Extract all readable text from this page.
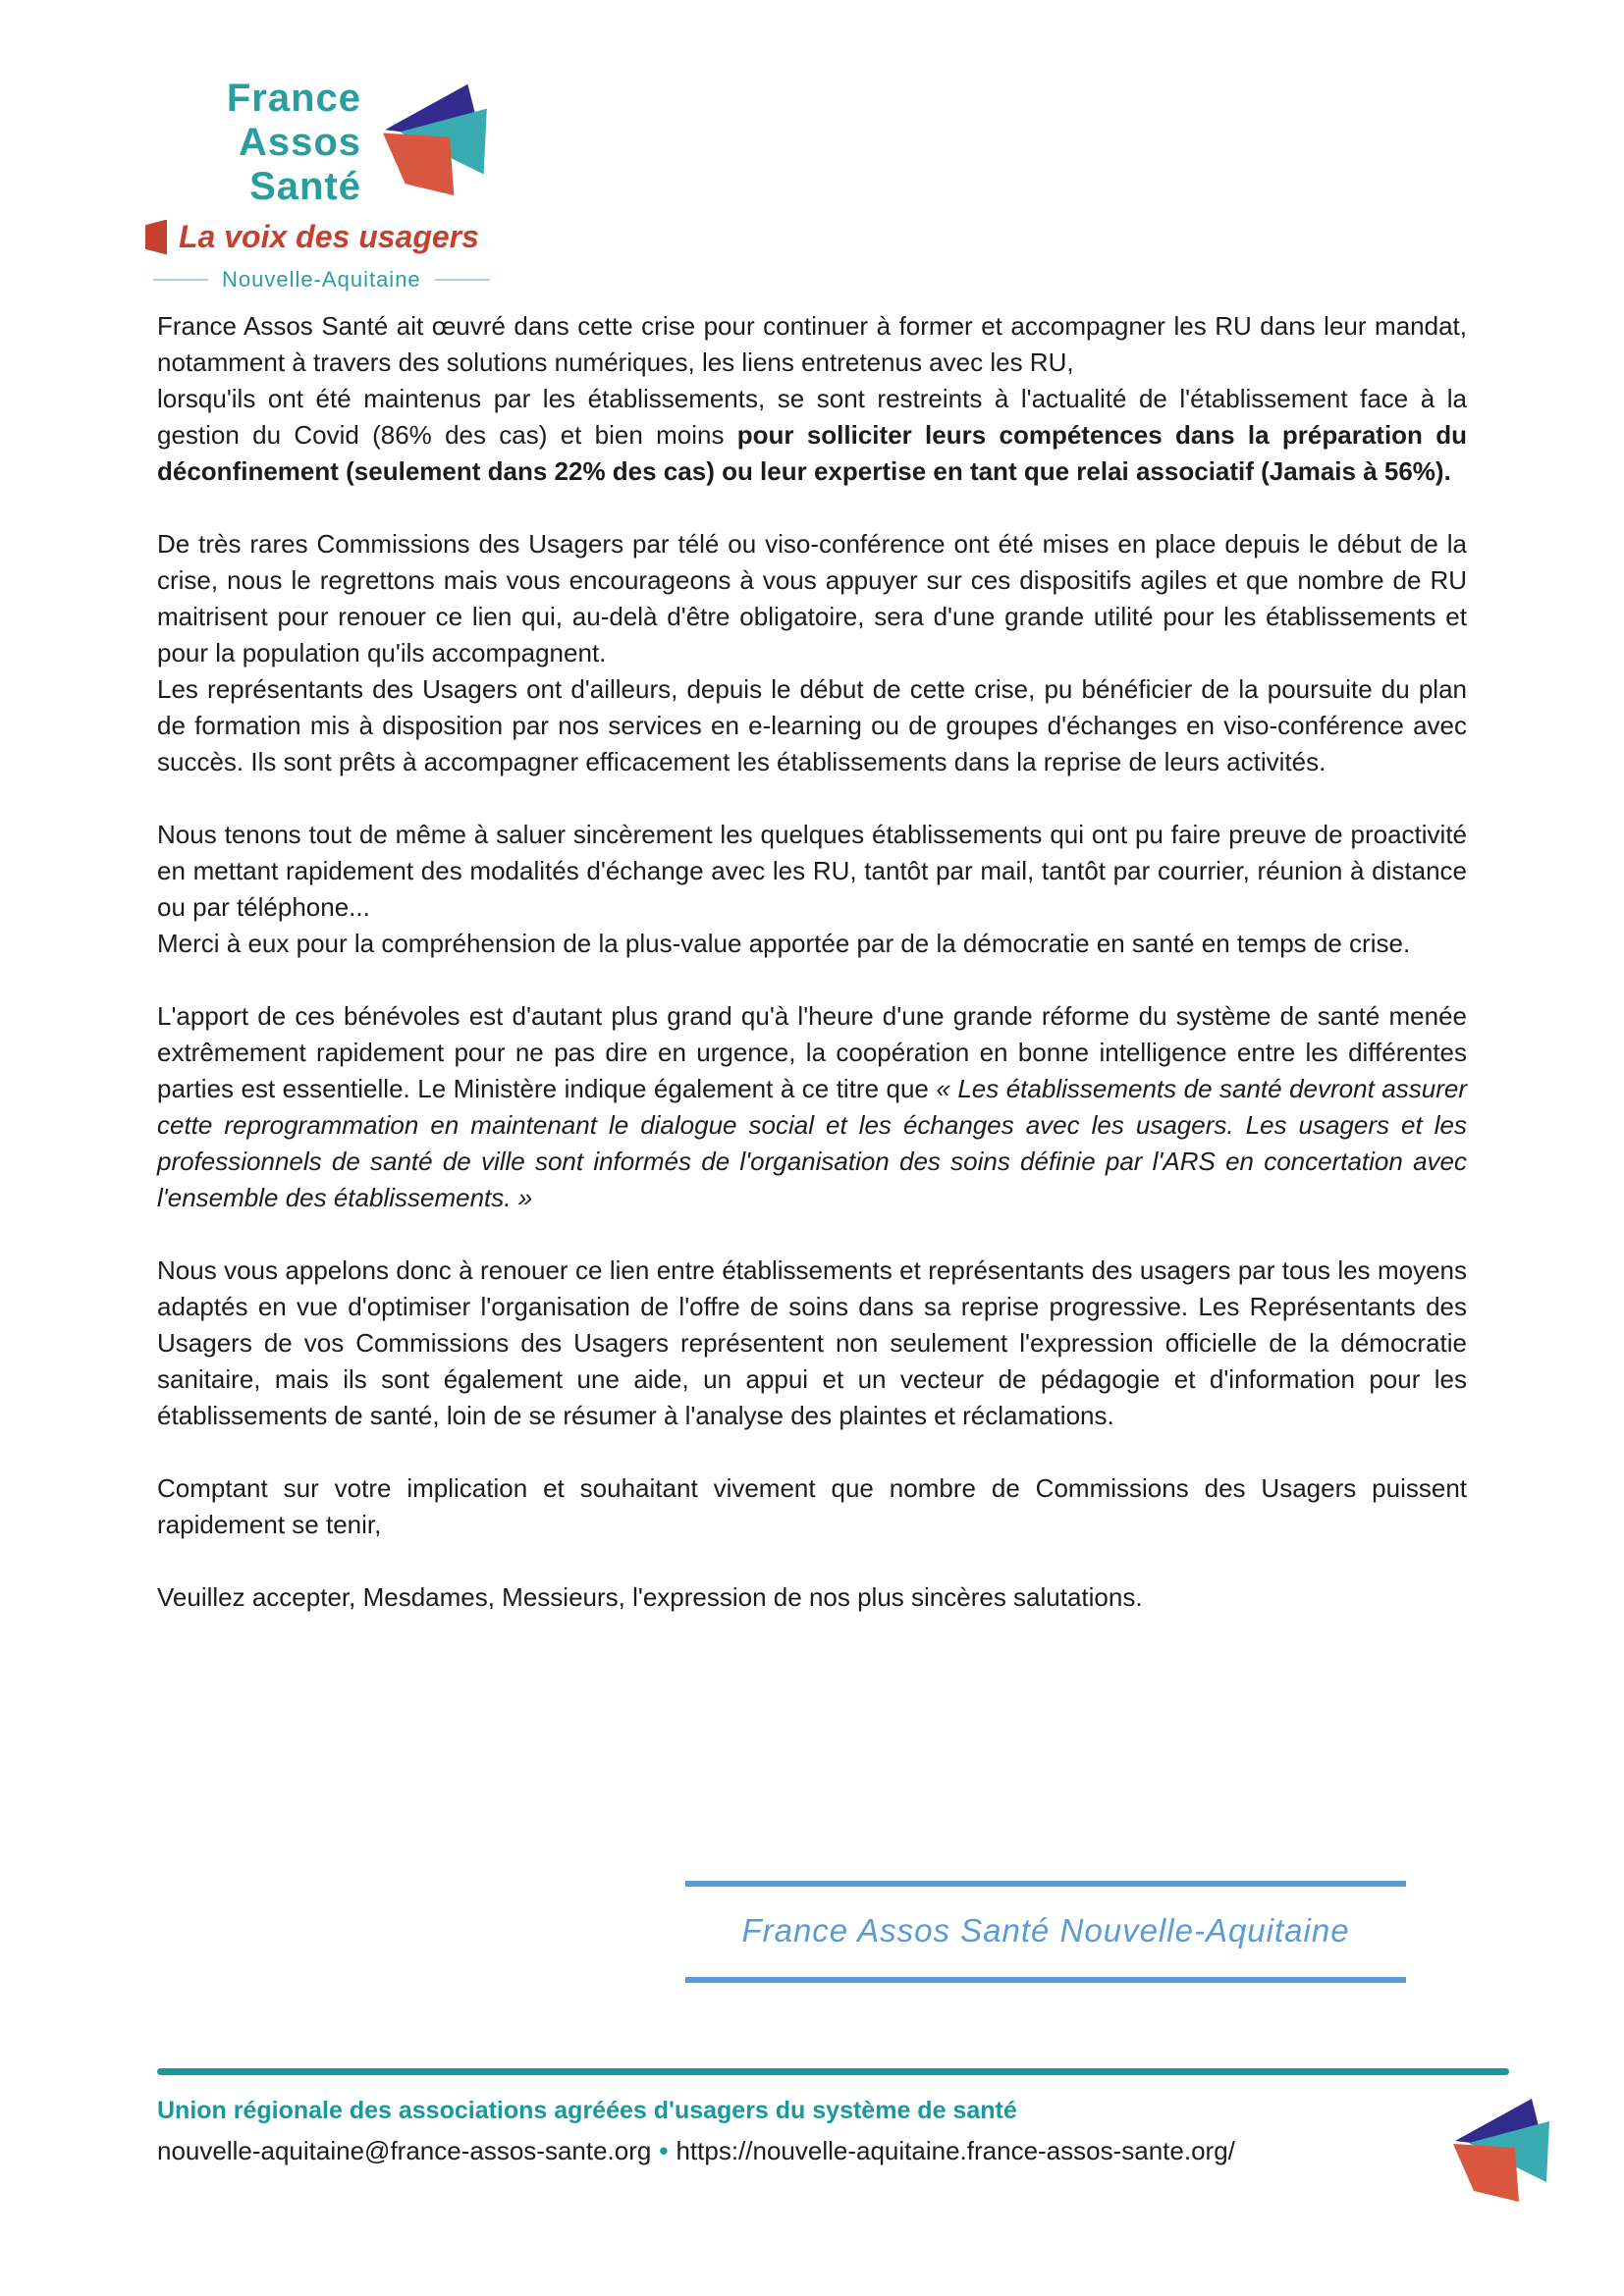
France
Assos
Santé
La voix des usagers
Nouvelle-Aquitaine

France Assos Santé ait œuvré dans cette crise pour continuer à former et accompagner les RU dans leur mandat, notamment à travers des solutions numériques, les liens entretenus avec les RU,
lorsqu'ils ont été maintenus par les établissements, se sont restreints à l'actualité de l'établissement face à la gestion du Covid (86% des cas) et bien moins pour solliciter leurs compétences dans la préparation du déconfinement (seulement dans 22% des cas) ou leur expertise en tant que relai associatif (Jamais à 56%).

De très rares Commissions des Usagers par télé ou viso-conférence ont été mises en place depuis le début de la crise, nous le regrettons mais vous encourageons à vous appuyer sur ces dispositifs agiles et que nombre de RU maitrisent pour renouer ce lien qui, au-delà d'être obligatoire, sera d'une grande utilité pour les établissements et pour la population qu'ils accompagnent.
Les représentants des Usagers ont d'ailleurs, depuis le début de cette crise, pu bénéficier de la poursuite du plan de formation mis à disposition par nos services en e-learning ou de groupes d'échanges en viso-conférence avec succès. Ils sont prêts à accompagner efficacement les établissements dans la reprise de leurs activités.

Nous tenons tout de même à saluer sincèrement les quelques établissements qui ont pu faire preuve de proactivité en mettant rapidement des modalités d'échange avec les RU, tantôt par mail, tantôt par courrier, réunion à distance ou par téléphone...
Merci à eux pour la compréhension de la plus-value apportée par de la démocratie en santé en temps de crise.

L'apport de ces bénévoles est d'autant plus grand qu'à l'heure d'une grande réforme du système de santé menée extrêmement rapidement pour ne pas dire en urgence, la coopération en bonne intelligence entre les différentes parties est essentielle. Le Ministère indique également à ce titre que « Les établissements de santé devront assurer cette reprogrammation en maintenant le dialogue social et les échanges avec les usagers. Les usagers et les professionnels de santé de ville sont informés de l'organisation des soins définie par l'ARS en concertation avec l'ensemble des établissements. »

Nous vous appelons donc à renouer ce lien entre établissements et représentants des usagers par tous les moyens adaptés en vue d'optimiser l'organisation de l'offre de soins dans sa reprise progressive. Les Représentants des Usagers de vos Commissions des Usagers représentent non seulement l'expression officielle de la démocratie sanitaire, mais ils sont également une aide, un appui et un vecteur de pédagogie et d'information pour les établissements de santé, loin de se résumer à l'analyse des plaintes et réclamations.

Comptant sur votre implication et souhaitant vivement que nombre de Commissions des Usagers puissent rapidement se tenir,

Veuillez accepter, Mesdames, Messieurs, l'expression de nos plus sincères salutations.

France Assos Santé Nouvelle-Aquitaine
Union régionale des associations agréées d'usagers du système de santé
nouvelle-aquitaine@france-assos-sante.org • https://nouvelle-aquitaine.france-assos-sante.org/
